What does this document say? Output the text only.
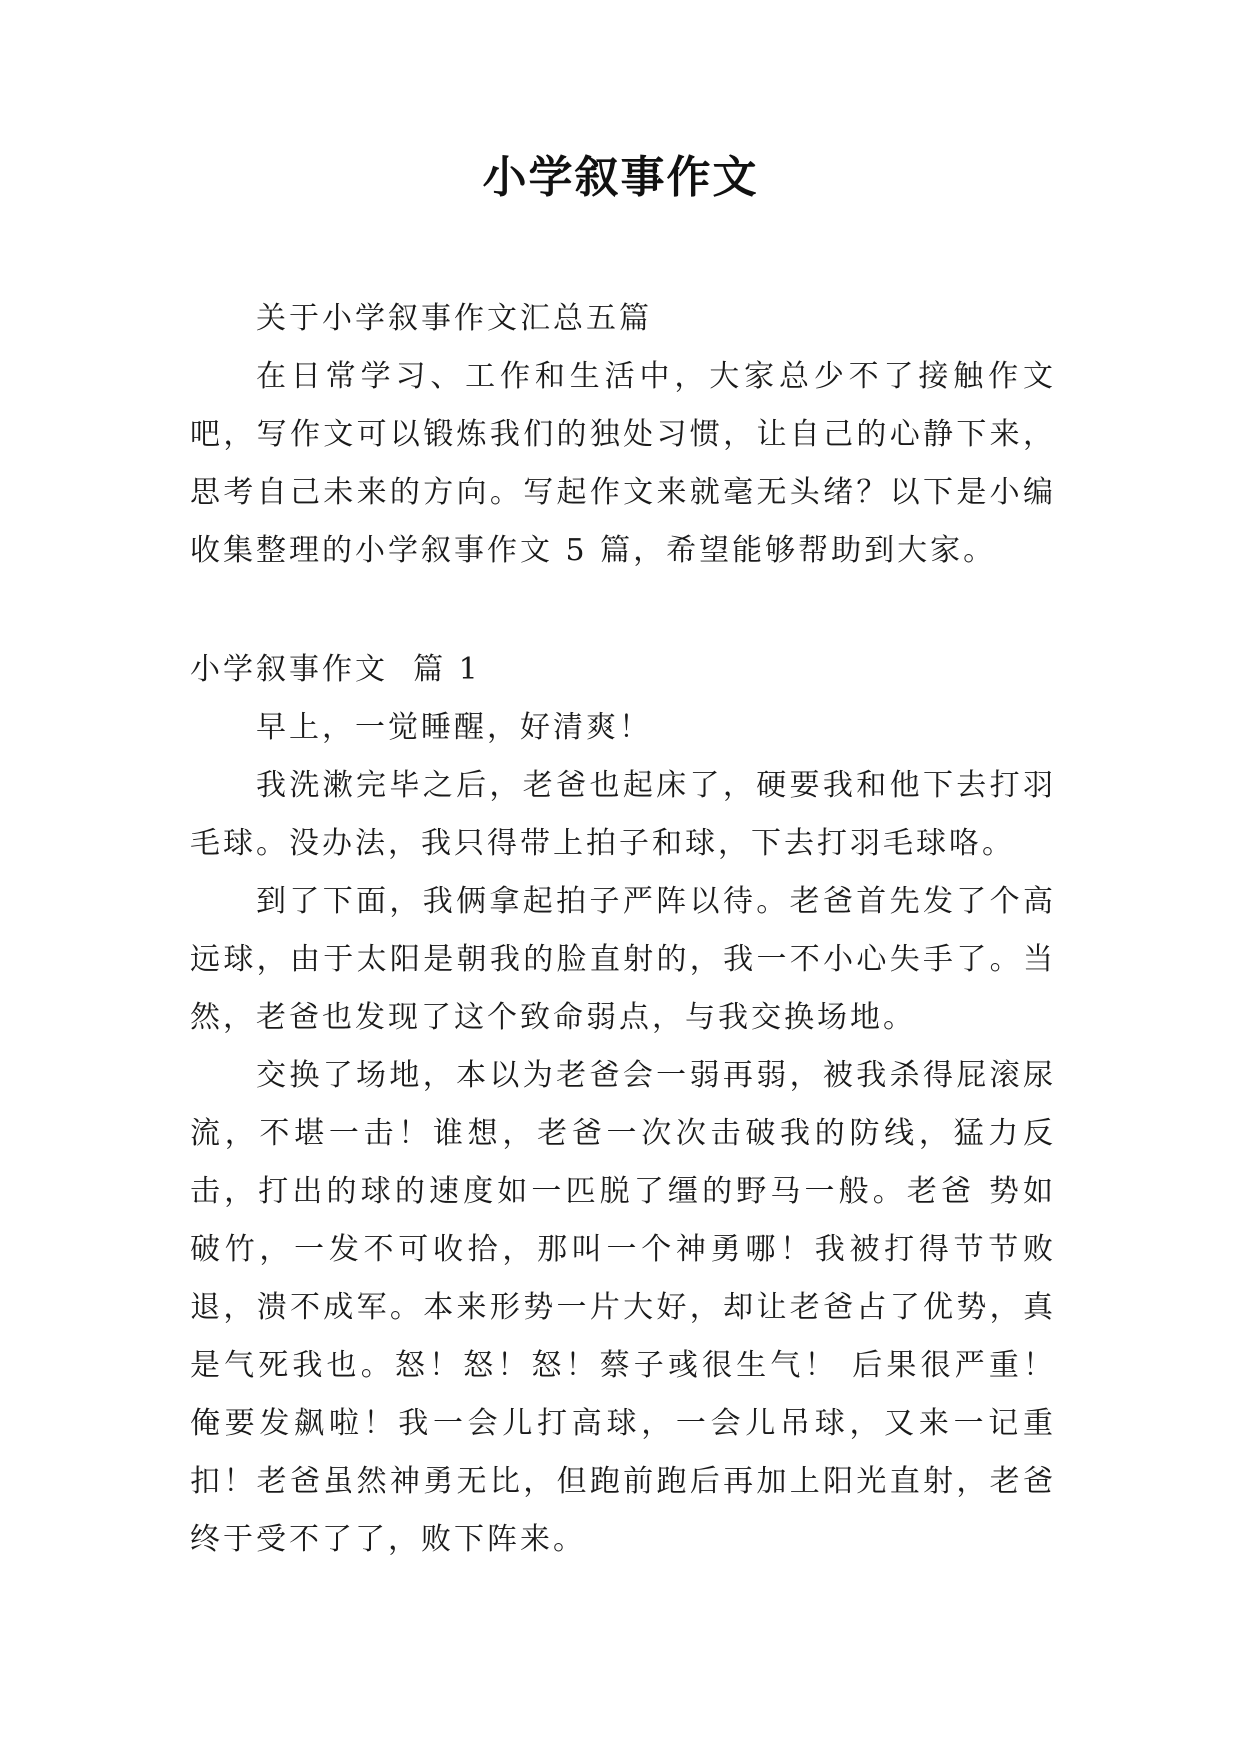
小学叙事作文

关于小学叙事作文汇总五篇

在日常学习、工作和生活中，大家总少不了接触作文吧，写作文可以锻炼我们的独处习惯，让自己的心静下来，思考自己未来的方向。写起作文来就毫无头绪？以下是小编收集整理的小学叙事作文 5 篇，希望能够帮助到大家。

小学叙事作文  篇 1

早上，一觉睡醒，好清爽！

我洗漱完毕之后，老爸也起床了，硬要我和他下去打羽毛球。没办法，我只得带上拍子和球，下去打羽毛球咯。

到了下面，我俩拿起拍子严阵以待。老爸首先发了个高远球，由于太阳是朝我的脸直射的，我一不小心失手了。当然，老爸也发现了这个致命弱点，与我交换场地。

交换了场地，本以为老爸会一弱再弱，被我杀得屁滚尿流，不堪一击！谁想，老爸一次次击破我的防线，猛力反击，打出的球的速度如一匹脱了缰的野马一般。老爸 势如破竹，一发不可收拾，那叫一个神勇哪！我被打得节节败退，溃不成军。本来形势一片大好，却让老爸占了优势，真是气死我也。怒！怒！怒！蔡子彧很生气！ 后果很严重！俺要发飙啦！我一会儿打高球，一会儿吊球，又来一记重扣！老爸虽然神勇无比，但跑前跑后再加上阳光直射，老爸终于受不了了，败下阵来。
